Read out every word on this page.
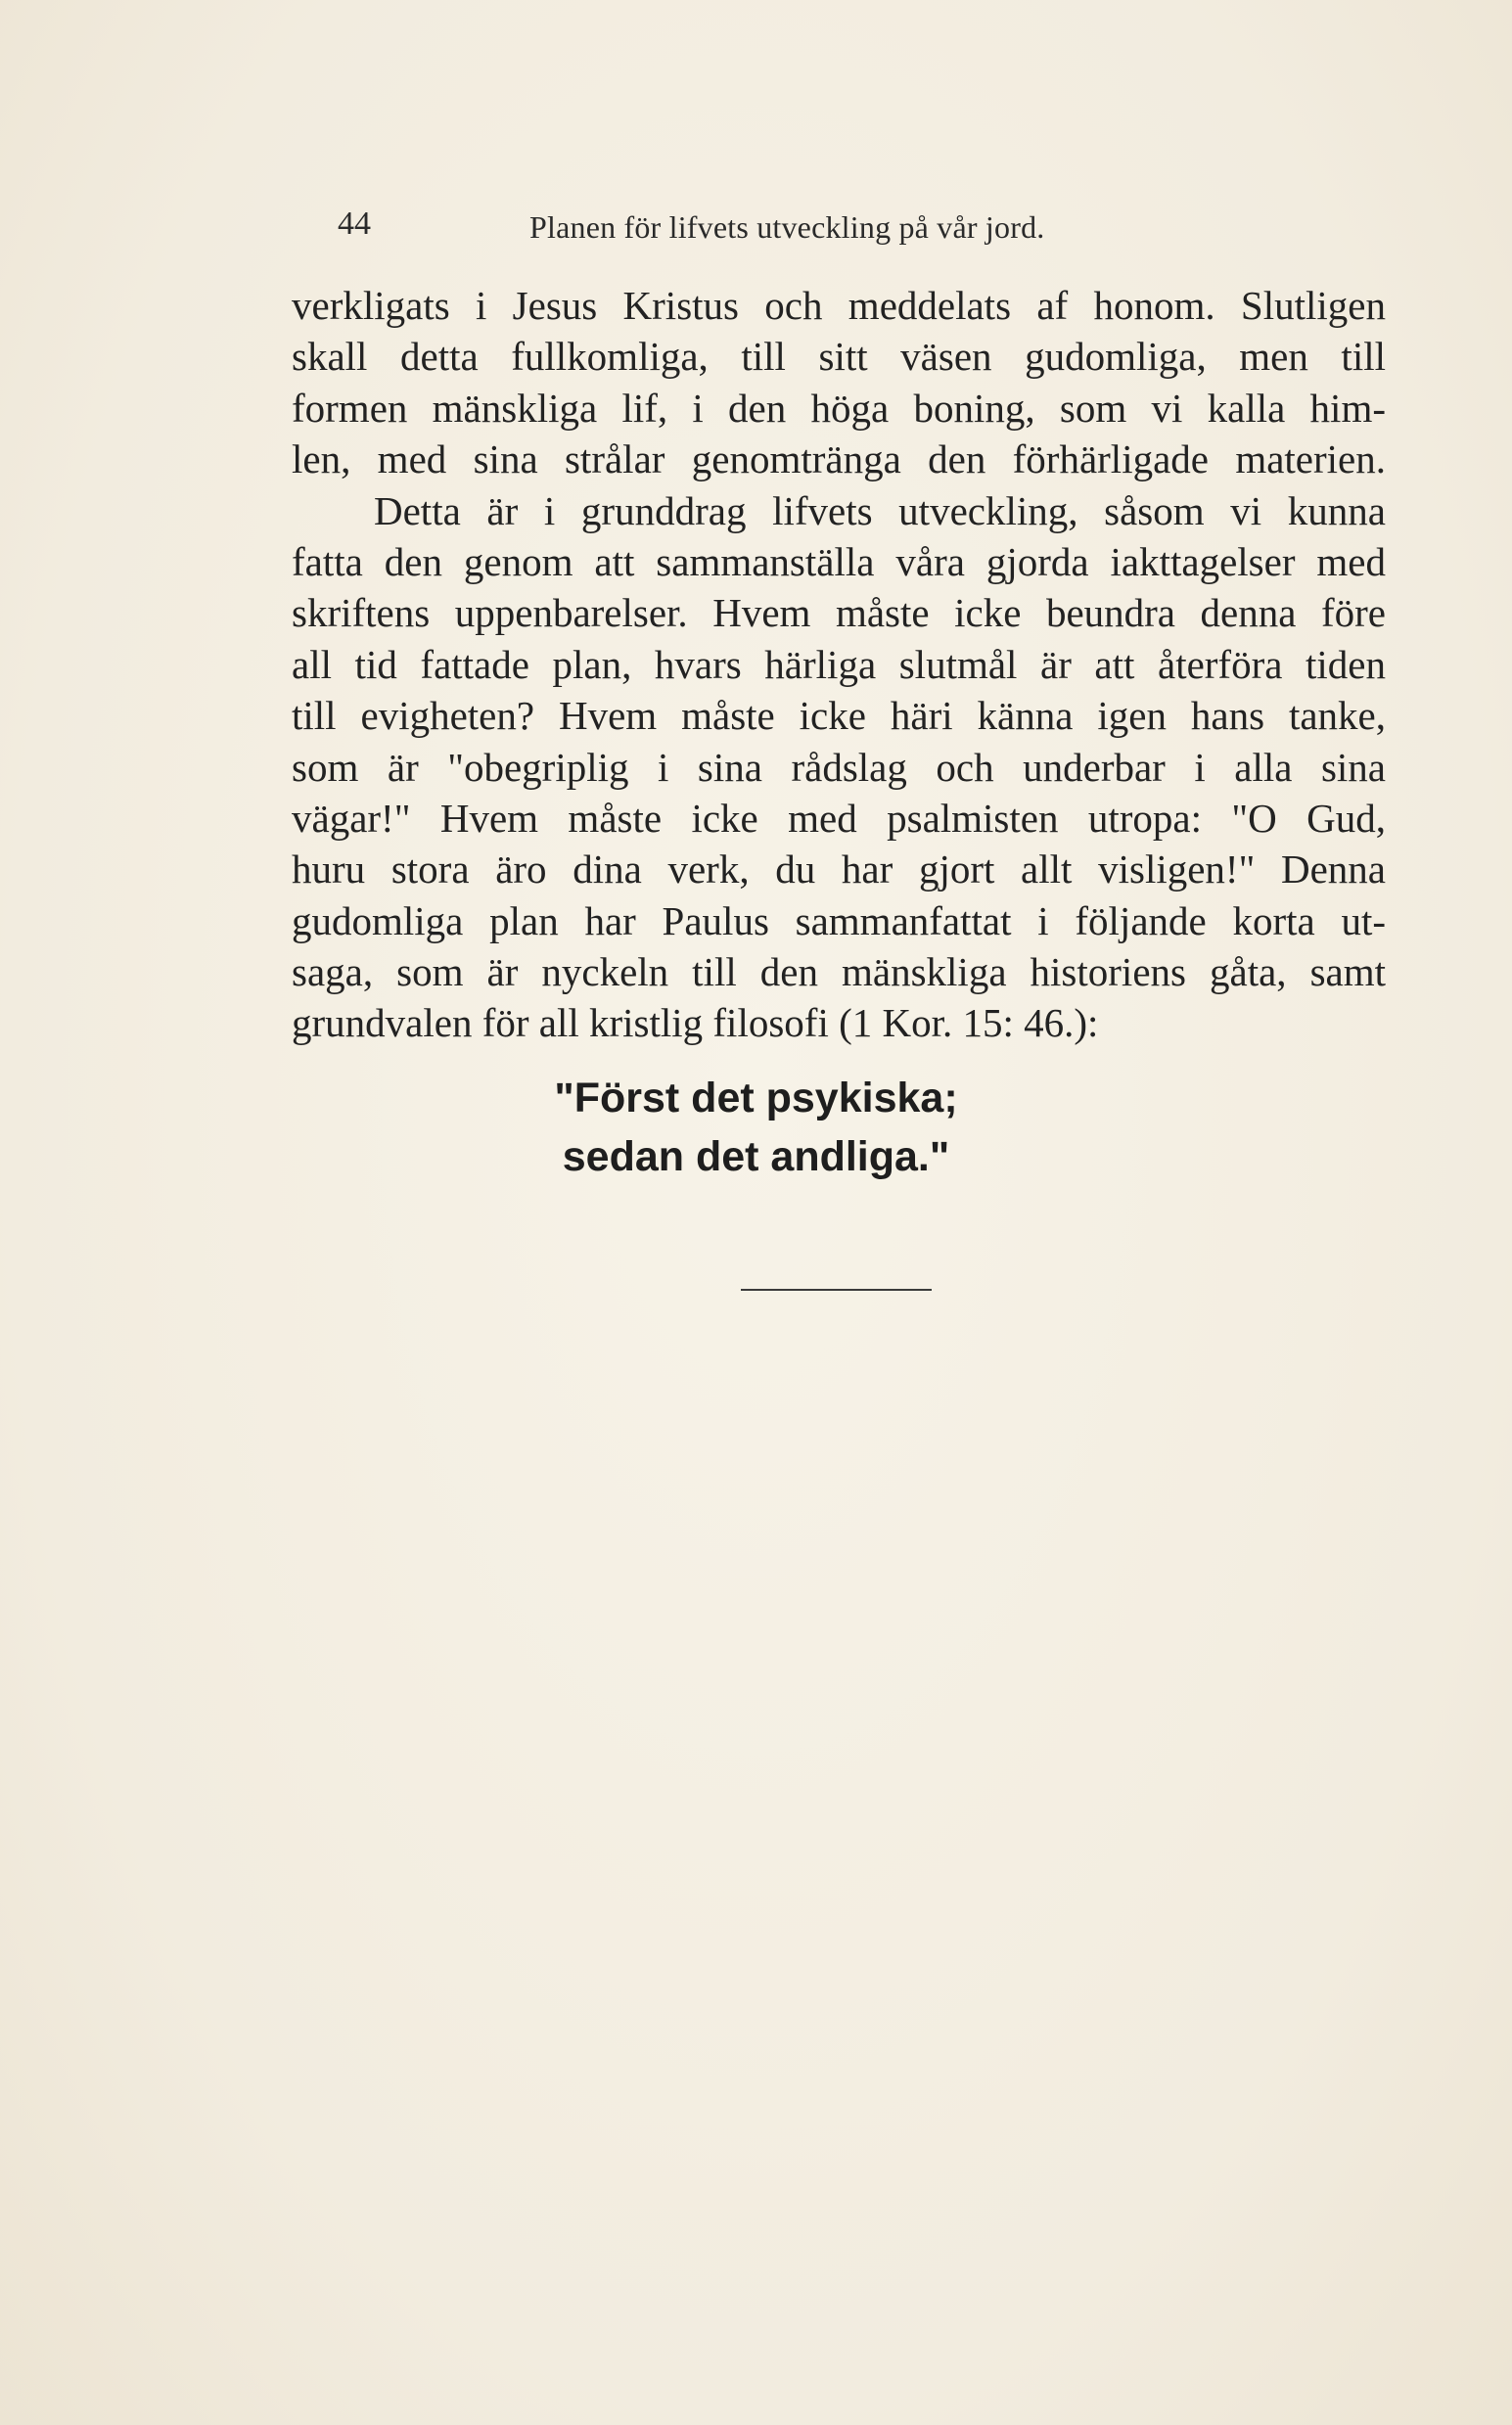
44	Planen för lifvets utveckling på vår jord.
verkligats i Jesus Kristus och meddelats af honom. Slutligen
skall detta fullkomliga, till sitt väsen gudomliga, men till
formen mänskliga lif, i den höga boning, som vi kalla him-
len, med sina strålar genomtränga den förhärligade materien.
Detta är i grunddrag lifvets utveckling, såsom vi kunna
fatta den genom att sammanställa våra gjorda iakttagelser med
skriftens uppenbarelser. Hvem måste icke beundra denna före
all tid fattade plan, hvars härliga slutmål är att återföra tiden
till evigheten? Hvem måste icke häri känna igen hans tanke,
som är "obegriplig i sina rådslag och underbar i alla sina
vägar!" Hvem måste icke med psalmisten utropa: "O Gud,
huru stora äro dina verk, du har gjort allt visligen!" Denna
gudomliga plan har Paulus sammanfattat i följande korta ut-
saga, som är nyckeln till den mänskliga historiens gåta, samt
grundvalen för all kristlig filosofi (1 Kor. 15: 46.):
"Först det psykiska;
sedan det andliga."
